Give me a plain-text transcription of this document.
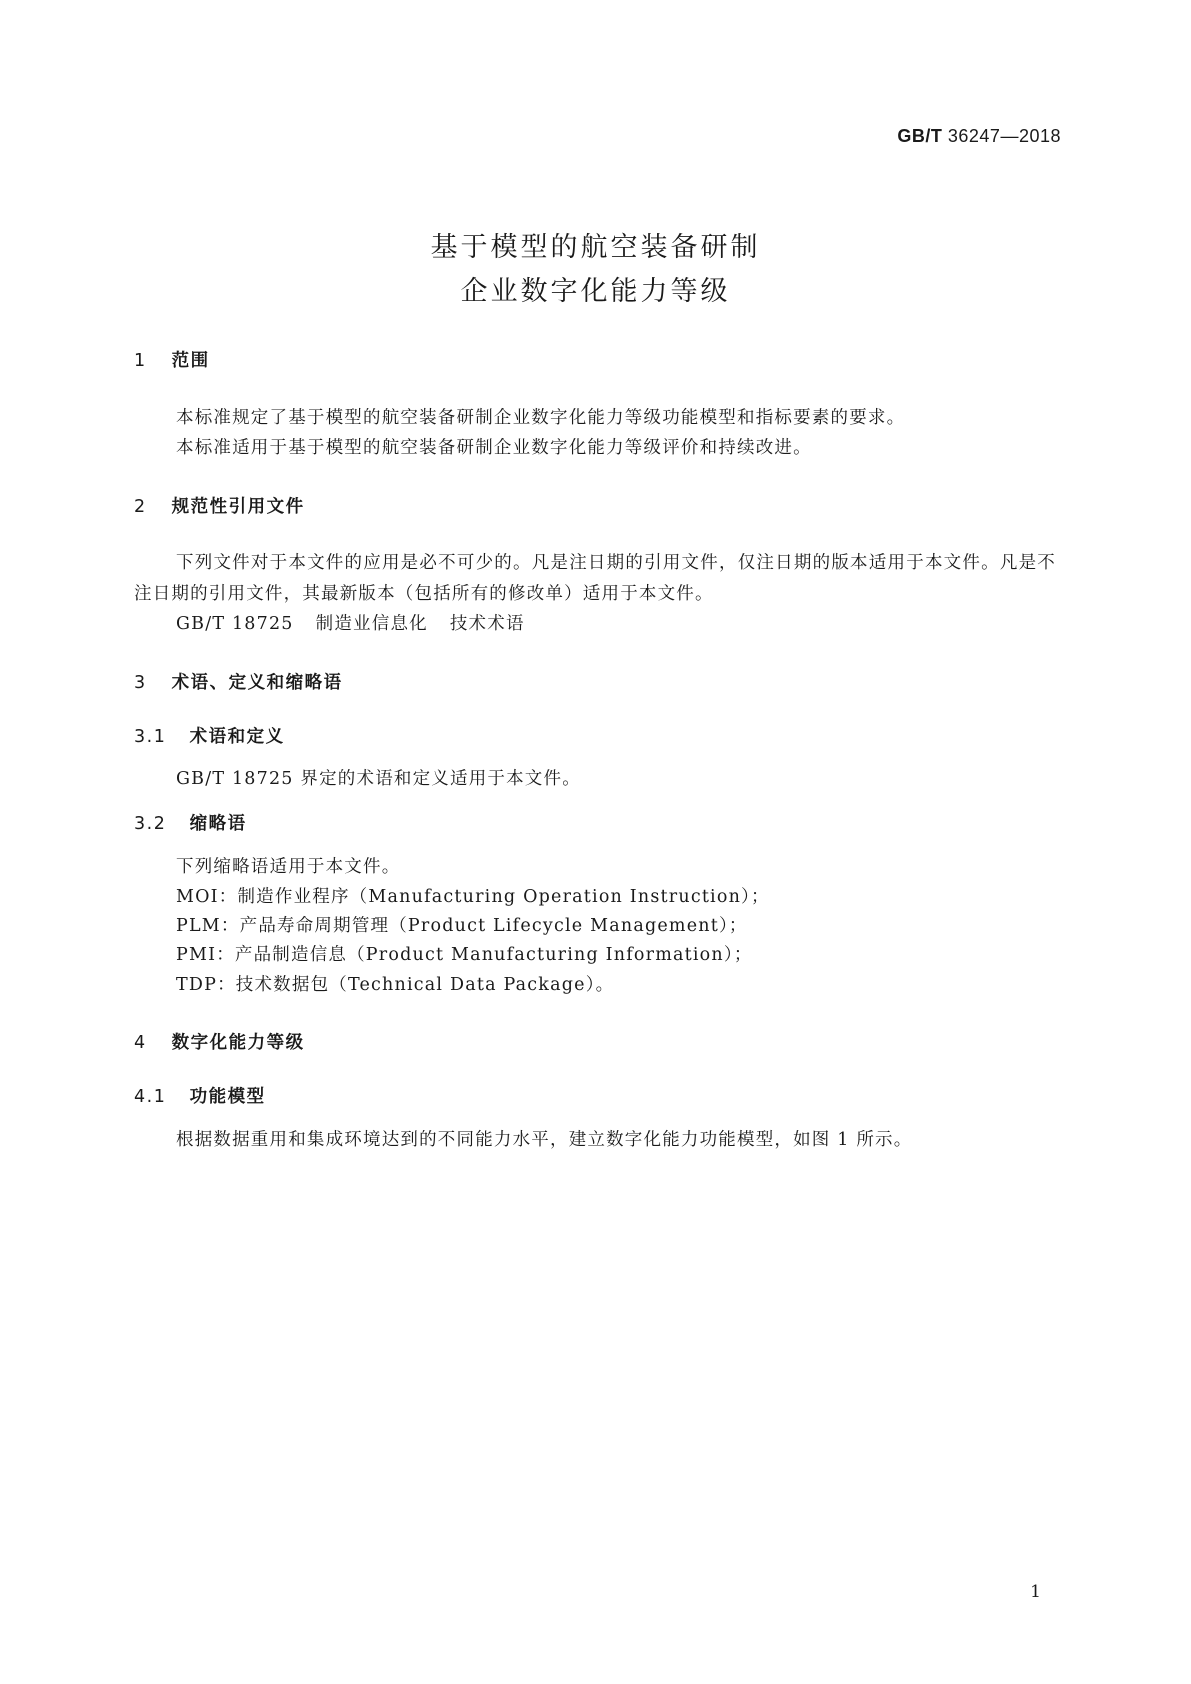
GB/T 36247—2018
基于模型的航空装备研制
企业数字化能力等级
1 范围
本标准规定了基于模型的航空装备研制企业数字化能力等级功能模型和指标要素的要求。
本标准适用于基于模型的航空装备研制企业数字化能力等级评价和持续改进。
2 规范性引用文件
下列文件对于本文件的应用是必不可少的。凡是注日期的引用文件，仅注日期的版本适用于本文件。凡是不注日期的引用文件，其最新版本（包括所有的修改单）适用于本文件。
GB/T 18725 制造业信息化 技术术语
3 术语、定义和缩略语
3.1 术语和定义
GB/T 18725 界定的术语和定义适用于本文件。
3.2 缩略语
下列缩略语适用于本文件。
MOI：制造作业程序（Manufacturing Operation Instruction）；
PLM：产品寿命周期管理（Product Lifecycle Management）；
PMI：产品制造信息（Product Manufacturing Information）；
TDP：技术数据包（Technical Data Package）。
4 数字化能力等级
4.1 功能模型
根据数据重用和集成环境达到的不同能力水平，建立数字化能力功能模型，如图 1 所示。
1
